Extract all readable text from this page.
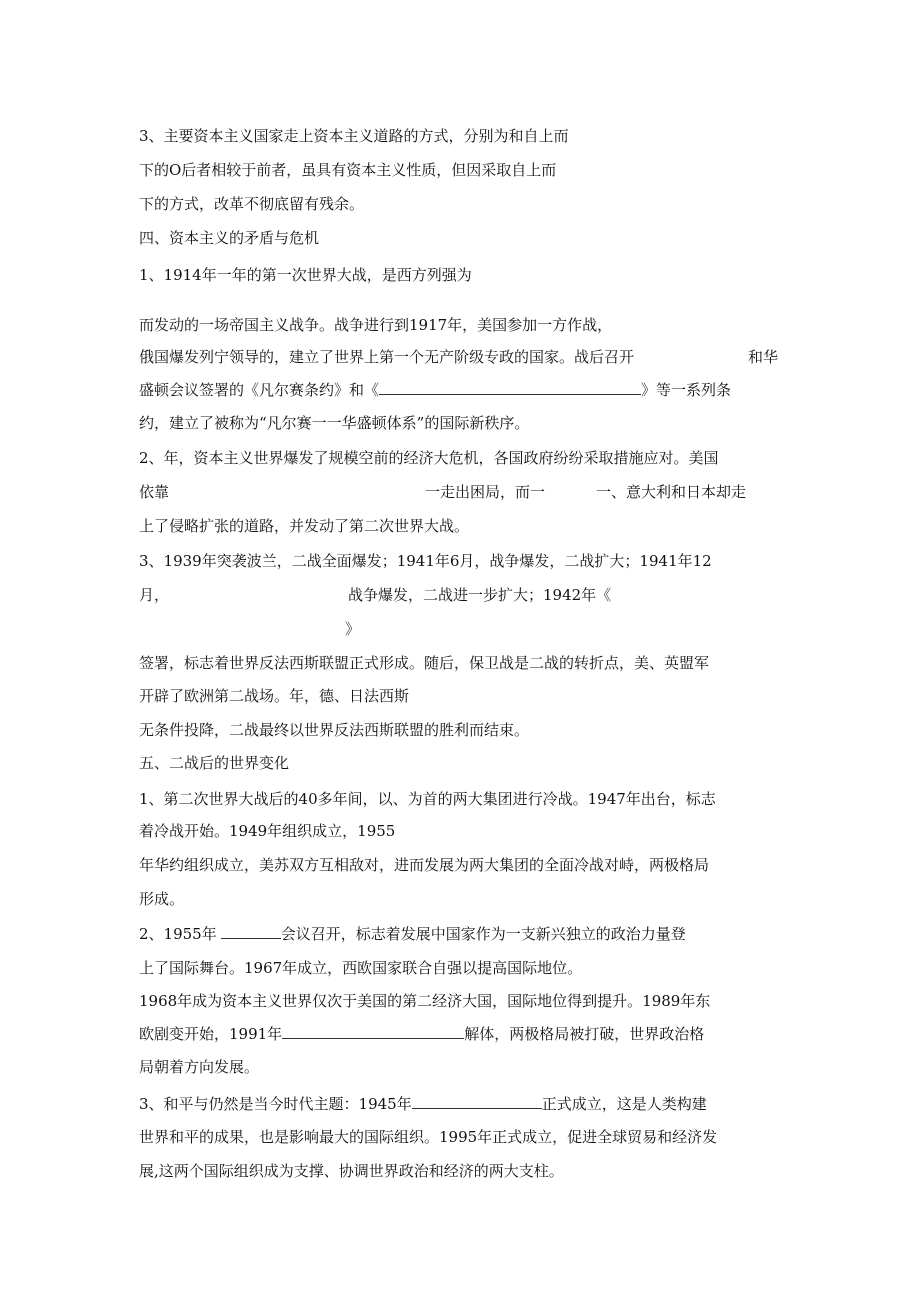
3、主要资本主义国家走上资本主义道路的方式，分别为和自上而
下的O后者相较于前者，虽具有资本主义性质，但因采取自上而
下的方式，改革不彻底留有残余。
四、资本主义的矛盾与危机
1、1914年一年的第一次世界大战，是西方列强为
而发动的一场帝国主义战争。战争进行到1917年，美国参加一方作战，
俄国爆发列宁领导的，建立了世界上第一个无产阶级专政的国家。战后召开	和华
盛顿会议签署的《凡尔赛条约》和《	》等一系列条
约，建立了被称为“凡尔赛一一华盛顿体系”的国际新秩序。
2、年，资本主义世界爆发了规模空前的经济大危机，各国政府纷纷采取措施应对。美国
依靠	一走出困局，而一	一、意大利和日本却走
上了侵略扩张的道路，并发动了第二次世界大战。
3、1939年突袭波兰，二战全面爆发；1941年6月，战争爆发，二战扩大；1941年12
月，	战争爆发，二战进一步扩大；1942年《
》
签署，标志着世界反法西斯联盟正式形成。随后，保卫战是二战的转折点，美、英盟军
开辟了欧洲第二战场。年，德、日法西斯
无条件投降，二战最终以世界反法西斯联盟的胜利而结束。
五、二战后的世界变化
1、第二次世界大战后的40多年间，以、为首的两大集团进行冷战。1947年出台，标志
着冷战开始。1949年组织成立，1955
年华约组织成立，美苏双方互相敌对，进而发展为两大集团的全面冷战对峙，两极格局
形成。
2、1955年	会议召开，标志着发展中国家作为一支新兴独立的政治力量登
上了国际舞台。1967年成立，西欧国家联合自强以提高国际地位。
1968年成为资本主义世界仅次于美国的第二经济大国，国际地位得到提升。1989年东
欧剧变开始，1991年	解体，两极格局被打破，世界政治格
局朝着方向发展。
3、和平与仍然是当今时代主题：1945年	正式成立，这是人类构建
世界和平的成果，也是影响最大的国际组织。1995年正式成立，促进全球贸易和经济发
展,这两个国际组织成为支撑、协调世界政治和经济的两大支柱。
